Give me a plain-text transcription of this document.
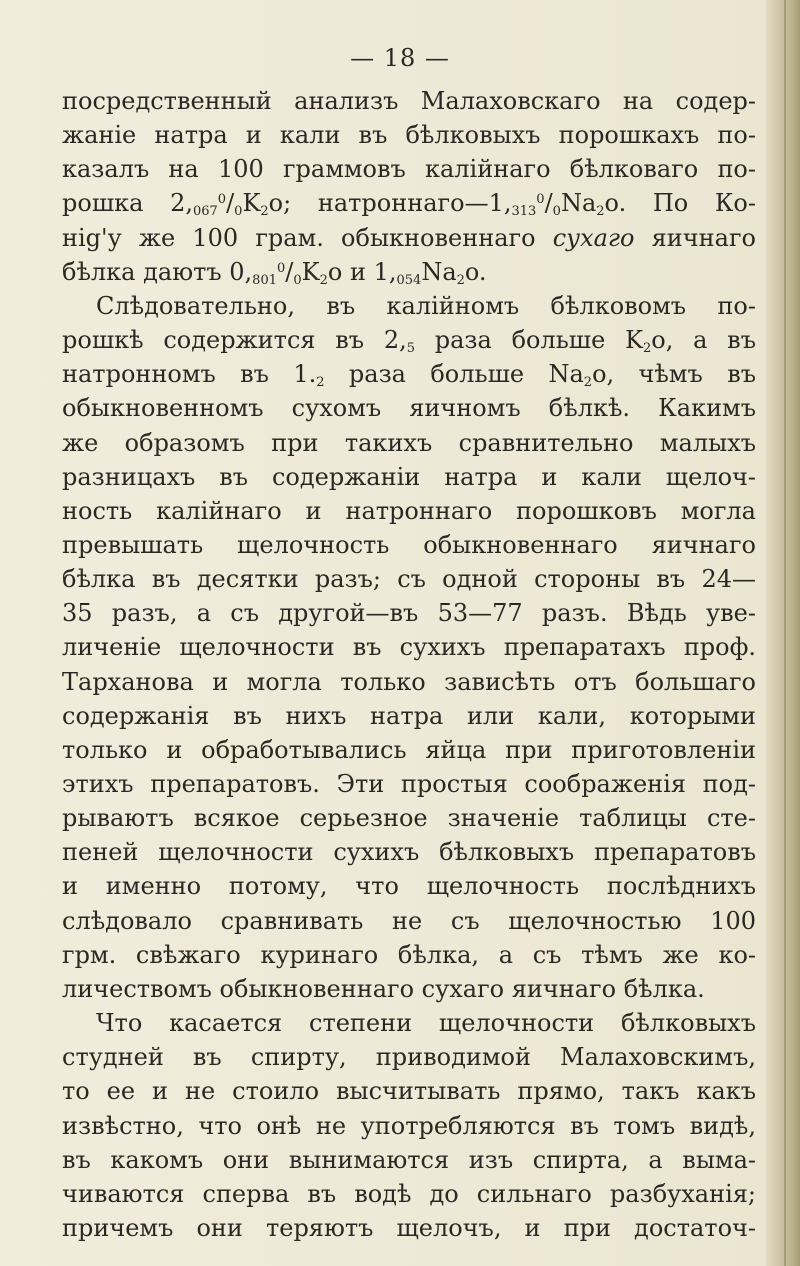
— 18 —
посредственный анализъ Малаховскаго на содер-
жаніе натра и кали въ бѣлковыхъ порошкахъ по-
казалъ на 100 граммовъ калійнаго бѣлковаго по-
рошка $2,_{067}^0/_0K_2o$; $натроннаго—1,_{313}^0/_0Na_2o$. По Ко-
ніg'у же 100 грам. обыкновеннаго сухаго яичнаго
бѣлка даютъ $0,_{801}^0/_0K_2o$ и $1,_{054}Na_2o$.
Слѣдовательно, въ калійномъ бѣлковомъ по-
рошкѣ содержится въ $2,_5$ раза больше $K_2o$, а въ
натронномъ въ $1._2$ раза больше $Na_2o$, чѣмъ въ
обыкновенномъ сухомъ яичномъ бѣлкѣ. Какимъ
же образомъ при такихъ сравнительно малыхъ
разницахъ въ содержаніи натра и кали щелоч-
ность калійнаго и натроннаго порошковъ могла
превышать щелочность обыкновеннаго яичнаго
бѣлка въ десятки разъ; съ одной стороны въ 24—
35 разъ, а съ другой—въ 53—77 разъ. Вѣдь уве-
личеніе щелочности въ сухихъ препаратахъ проф.
Тарханова и могла только зависѣть отъ большаго
содержанія въ нихъ натра или кали, которыми
только и обработывались яйца при приготовленіи
этихъ препаратовъ. Эти простыя соображенія под-
рываютъ всякое серьезное значеніе таблицы сте-
пеней щелочности сухихъ бѣлковыхъ препаратовъ
и именно потому, что щелочность послѣднихъ
слѣдовало сравнивать не съ щелочностью 100
грм. свѣжаго куринаго бѣлка, а съ тѣмъ же ко-
личествомъ обыкновеннаго сухаго яичнаго бѣлка.
Что касается степени щелочности бѣлковыхъ
студней въ спирту, приводимой Малаховскимъ,
то ее и не стоило высчитывать прямо, такъ какъ
извѣстно, что онѣ не употребляются въ томъ видѣ,
въ какомъ они вынимаются изъ спирта, а выма-
чиваются сперва въ водѣ до сильнаго разбуханія;
причемъ они теряютъ щелочъ, и при достаточ-
